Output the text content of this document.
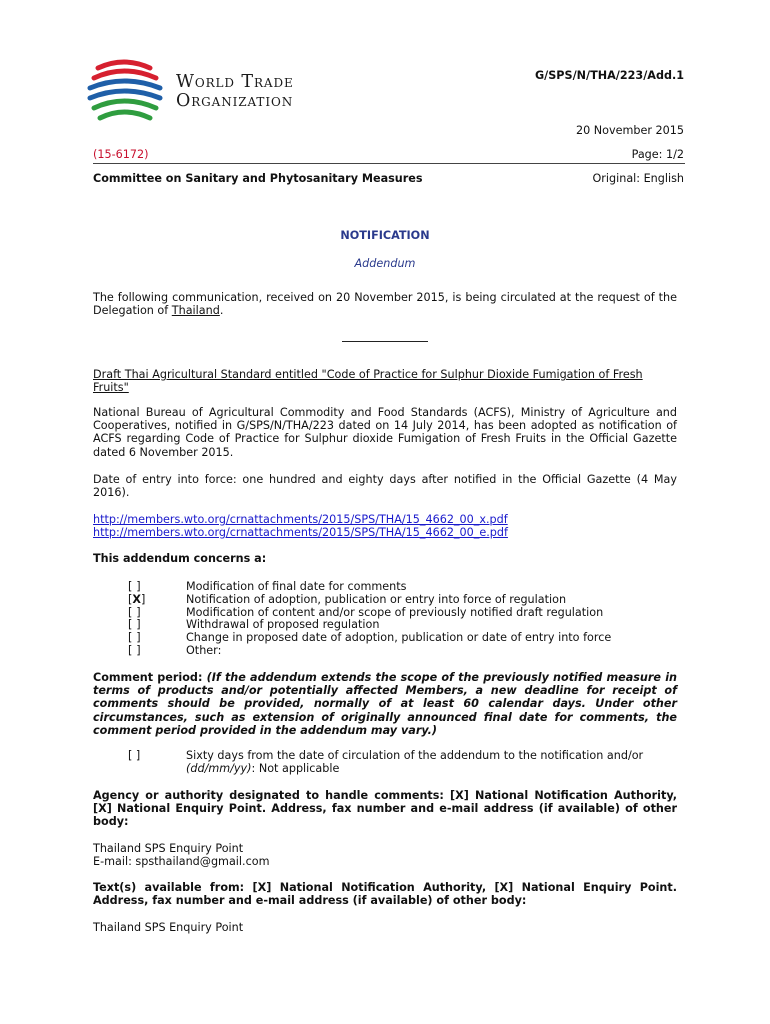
World Trade
Organization
G/SPS/N/THA/223/Add.1
20 November 2015
(15-6172)	Page: 1/2
Committee on Sanitary and Phytosanitary Measures	Original: English
NOTIFICATION
Addendum
The following communication, received on 20 November 2015, is being circulated at the request of the Delegation of Thailand.
Draft Thai Agricultural Standard entitled "Code of Practice for Sulphur Dioxide Fumigation of Fresh Fruits"
National Bureau of Agricultural Commodity and Food Standards (ACFS), Ministry of Agriculture and Cooperatives, notified in G/SPS/N/THA/223 dated on 14 July 2014, has been adopted as notification of ACFS regarding Code of Practice for Sulphur dioxide Fumigation of Fresh Fruits in the Official Gazette dated 6 November 2015.
Date of entry into force: one hundred and eighty days after notified in the Official Gazette (4 May 2016).
http://members.wto.org/crnattachments/2015/SPS/THA/15_4662_00_x.pdf
http://members.wto.org/crnattachments/2015/SPS/THA/15_4662_00_e.pdf
This addendum concerns a:
[ ]	Modification of final date for comments
[X]	Notification of adoption, publication or entry into force of regulation
[ ]	Modification of content and/or scope of previously notified draft regulation
[ ]	Withdrawal of proposed regulation
[ ]	Change in proposed date of adoption, publication or date of entry into force
[ ]	Other:
Comment period: (If the addendum extends the scope of the previously notified measure in terms of products and/or potentially affected Members, a new deadline for receipt of comments should be provided, normally of at least 60 calendar days. Under other circumstances, such as extension of originally announced final date for comments, the comment period provided in the addendum may vary.)
[ ]	Sixty days from the date of circulation of the addendum to the notification and/or (dd/mm/yy): Not applicable
Agency or authority designated to handle comments: [X] National Notification Authority, [X] National Enquiry Point. Address, fax number and e-mail address (if available) of other body:
Thailand SPS Enquiry Point
E-mail: spsthailand@gmail.com
Text(s) available from: [X] National Notification Authority, [X] National Enquiry Point. Address, fax number and e-mail address (if available) of other body:
Thailand SPS Enquiry Point
